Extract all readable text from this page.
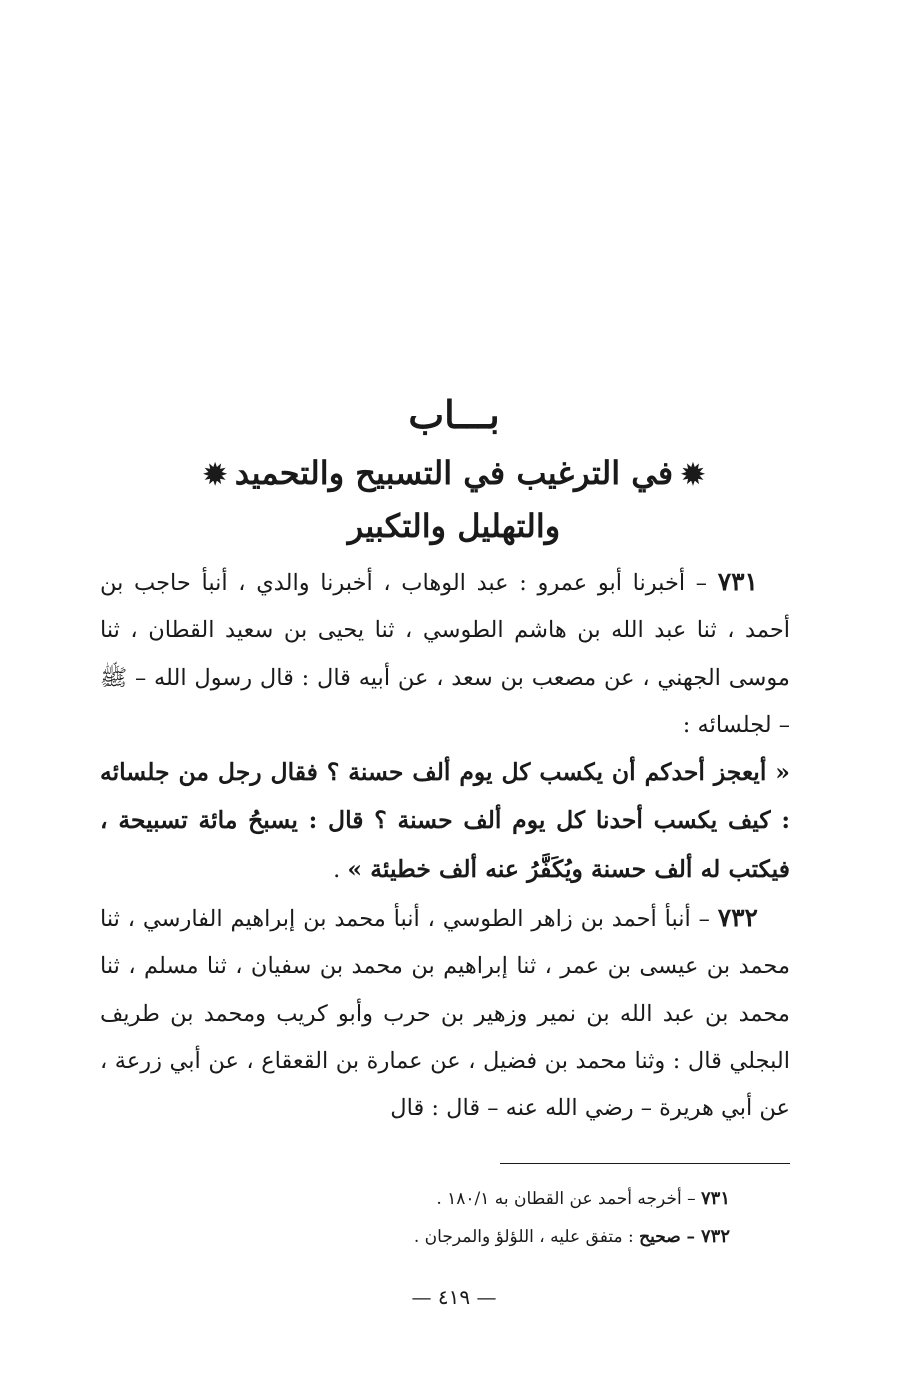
بـــاب
✹في الترغيب في التسبيح والتحميد✹
والتهليل والتكبير

٧٣١ – أخبرنا أبو عمرو : عبد الوهاب ، أخبرنا والدي ، أنبأ حاجب بن أحمد ، ثنا عبد الله بن هاشم الطوسي ، ثنا يحيى بن سعيد القطان ، ثنا موسى الجهني ، عن مصعب بن سعد ، عن أبيه قال : قال رسول الله – ﷺ – لجلسائه :

« أيعجز أحدكم أن يكسب كل يوم ألف حسنة ؟ فقال رجل من جلسائه : كيف يكسب أحدنا كل يوم ألف حسنة ؟ قال : يسبحُ مائة تسبيحة ، فيكتب له ألف حسنة ويُكَفَّرُ عنه ألف خطيئة » .

٧٣٢ – أنبأ أحمد بن زاهر الطوسي ، أنبأ محمد بن إبراهيم الفارسي ، ثنا محمد بن عيسى بن عمر ، ثنا إبراهيم بن محمد بن سفيان ، ثنا مسلم ، ثنا محمد بن عبد الله بن نمير وزهير بن حرب وأبو كريب ومحمد بن طريف البجلي قال : وثنا محمد بن فضيل ، عن عمارة بن القعقاع ، عن أبي زرعة ، عن أبي هريرة – رضي الله عنه – قال : قال

٧٣١ – أخرجه أحمد عن القطان به ١٨٠/١ .

٧٣٢ – صحيح : متفق عليه ، اللؤلؤ والمرجان .

— ٤١٩ —
